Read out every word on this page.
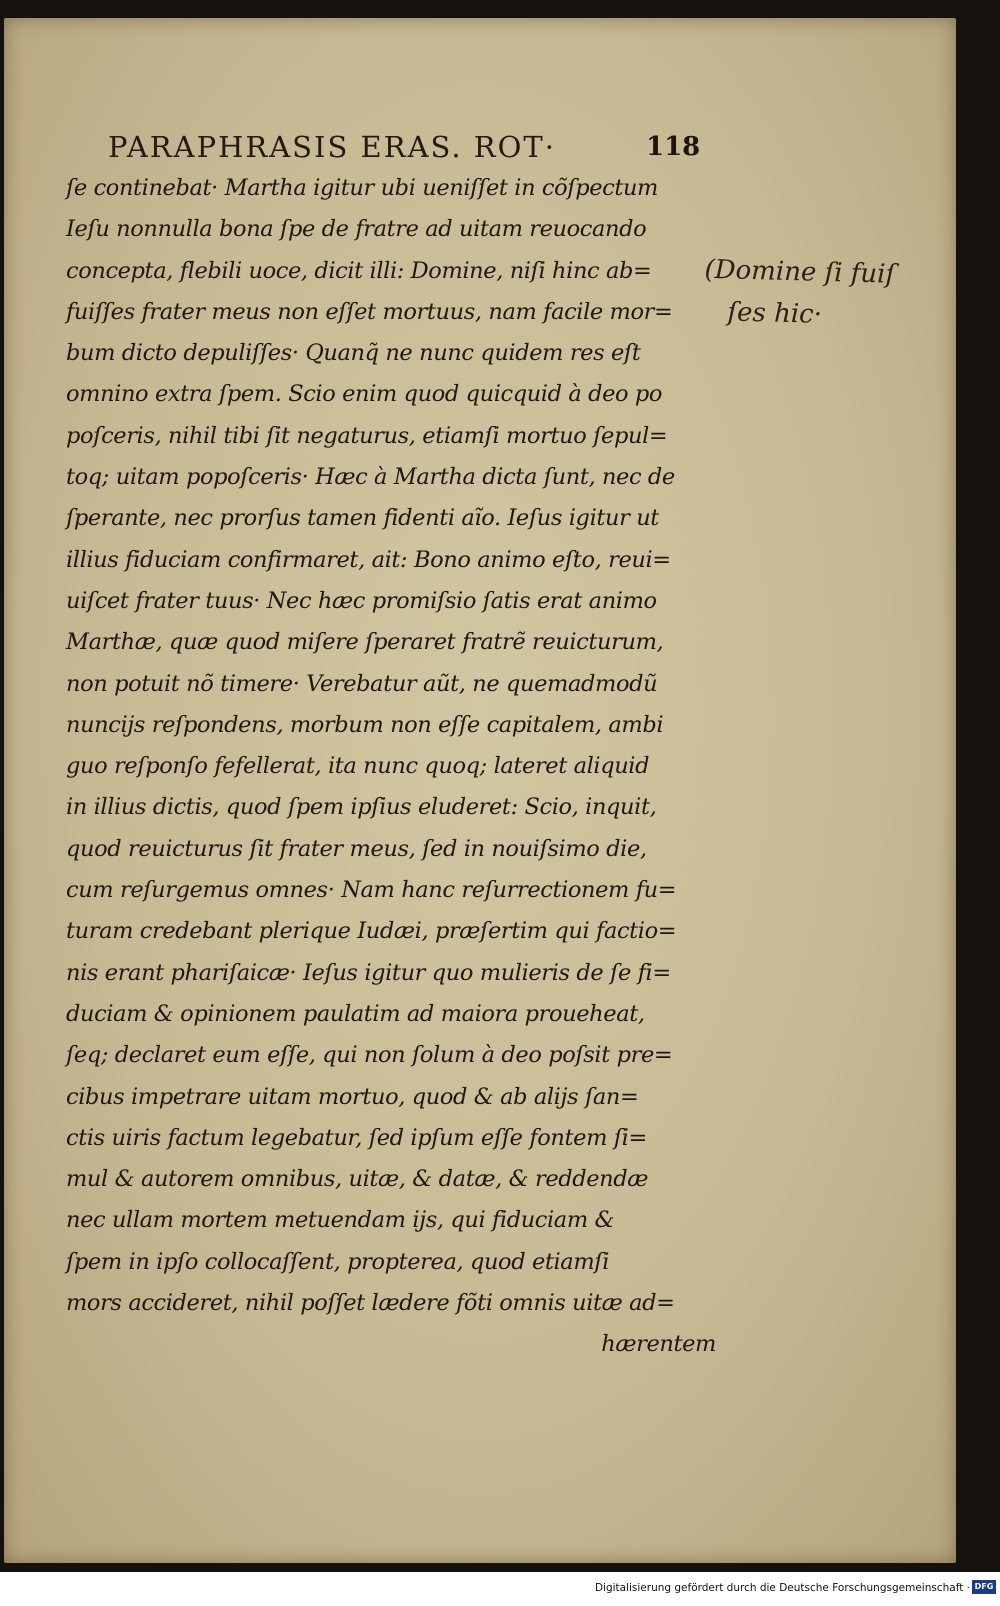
PARAPHRASIS ERAS. ROT·	118
ſe continebat· Martha igitur ubi ueniſſet in cõſpectum
Ieſu nonnulla bona ſpe de fratre ad uitam reuocando
concepta, flebili uoce, dicit illi: Domine, niſi hinc ab=
fuiſſes frater meus non eſſet mortuus, nam facile mor=
bum dicto depuliſſes· Quanq̃ ne nunc quidem res eſt
omnino extra ſpem. Scio enim quod quicquid à deo po
poſceris, nihil tibi ſit negaturus, etiamſi mortuo ſepul=
toq; uitam popoſceris· Hæc à Martha dicta ſunt, nec de
ſperante, nec prorſus tamen fidenti aĩo. Ieſus igitur ut
illius fiduciam confirmaret, ait: Bono animo eſto, reui=
uiſcet frater tuus· Nec hæc promiſsio ſatis erat animo
Marthæ, quæ quod miſere ſperaret fratrẽ reuicturum,
non potuit nõ timere· Verebatur aũt, ne quemadmodũ
nuncijs reſpondens, morbum non eſſe capitalem, ambi
guo reſponſo fefellerat, ita nunc quoq; lateret aliquid
in illius dictis, quod ſpem ipſius eluderet: Scio, inquit,
quod reuicturus ſit frater meus, ſed in nouiſsimo die,
cum reſurgemus omnes· Nam hanc reſurrectionem fu=
turam credebant plerique Iudæi, præſertim qui factio=
nis erant phariſaicæ· Ieſus igitur quo mulieris de ſe fi=
duciam & opinionem paulatim ad maiora proueheat,
ſeq; declaret eum eſſe, qui non ſolum à deo poſsit pre=
cibus impetrare uitam mortuo, quod & ab alijs ſan=
ctis uiris factum legebatur, ſed ipſum eſſe fontem ſi=
mul & autorem omnibus, uitæ, & datæ, & reddendæ
nec ullam mortem metuendam ijs, qui fiduciam &
ſpem in ipſo collocaſſent, propterea, quod etiamſi
mors accideret, nihil poſſet lædere fõti omnis uitæ ad=
hærentem
(Domine ſi fuiſ
ſes hic·
Digitalisierung gefördert durch die Deutsche Forschungsgemeinschaft · DFG
